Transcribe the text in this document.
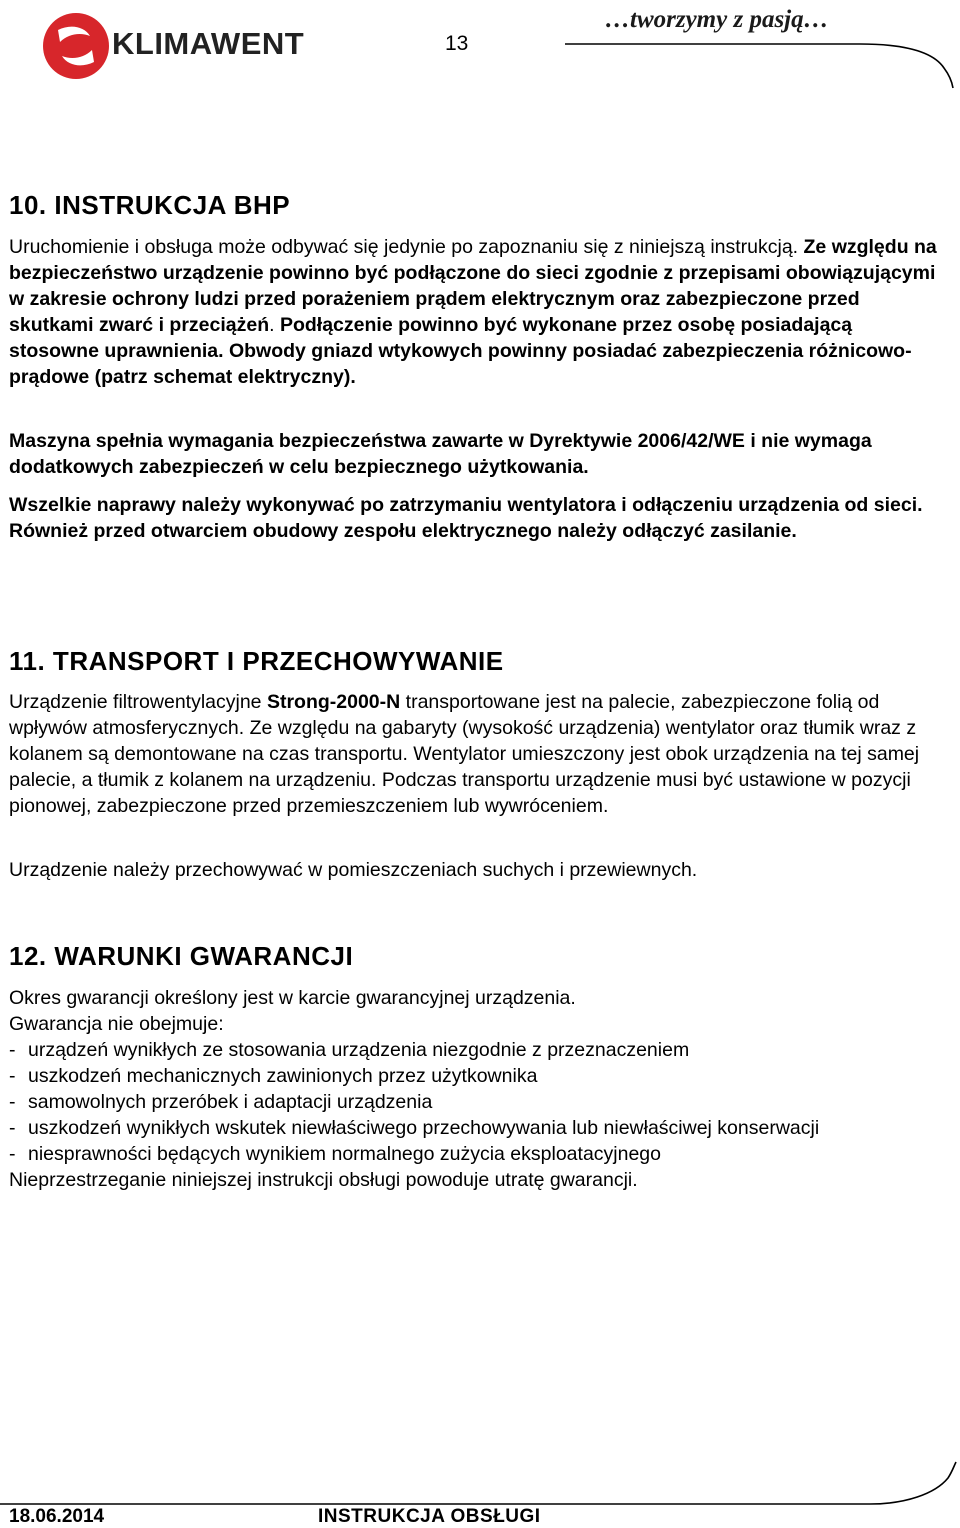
KLIMAWENT	13
…tworzymy z pasją…
10. INSTRUKCJA BHP

Uruchomienie i obsługa może odbywać się jedynie po zapoznaniu się z niniejszą instrukcją. Ze względu na bezpieczeństwo urządzenie powinno być podłączone do sieci zgodnie z przepisami obowiązującymi w zakresie ochrony ludzi przed porażeniem prądem elektrycznym oraz zabezpieczone przed skutkami zwarć i przeciążeń. Podłączenie powinno być wykonane przez osobę posiadającą stosowne uprawnienia. Obwody gniazd wtykowych powinny posiadać zabezpieczenia różnicowo-prądowe (patrz schemat elektryczny).

Maszyna spełnia wymagania bezpieczeństwa zawarte w Dyrektywie 2006/42/WE i nie wymaga dodatkowych zabezpieczeń w celu bezpiecznego użytkowania.
Wszelkie naprawy należy wykonywać po zatrzymaniu wentylatora i odłączeniu urządzenia od sieci. Również przed otwarciem obudowy zespołu elektrycznego należy odłączyć zasilanie.
11. TRANSPORT I PRZECHOWYWANIE

Urządzenie filtrowentylacyjne Strong-2000-N transportowane jest na palecie, zabezpieczone folią od wpływów atmosferycznych. Ze względu na gabaryty (wysokość urządzenia) wentylator oraz tłumik wraz z kolanem są demontowane na czas transportu. Wentylator umieszczony jest obok urządzenia na tej samej palecie, a tłumik z kolanem na urządzeniu. Podczas transportu urządzenie musi być ustawione w pozycji pionowej, zabezpieczone przed przemieszczeniem lub wywróceniem.

Urządzenie należy przechowywać w pomieszczeniach suchych i przewiewnych.
12. WARUNKI GWARANCJI
Okres gwarancji określony jest w karcie gwarancyjnej urządzenia.
Gwarancja nie obejmuje:
- urządzeń wynikłych ze stosowania urządzenia niezgodnie z przeznaczeniem
- uszkodzeń mechanicznych zawinionych przez użytkownika
- samowolnych przeróbek i adaptacji urządzenia
- uszkodzeń wynikłych wskutek niewłaściwego przechowywania lub niewłaściwej konserwacji
- niesprawności będących wynikiem normalnego zużycia eksploatacyjnego
Nieprzestrzeganie niniejszej instrukcji obsługi powoduje utratę gwarancji.
18.06.2014	INSTRUKCJA OBSŁUGI
